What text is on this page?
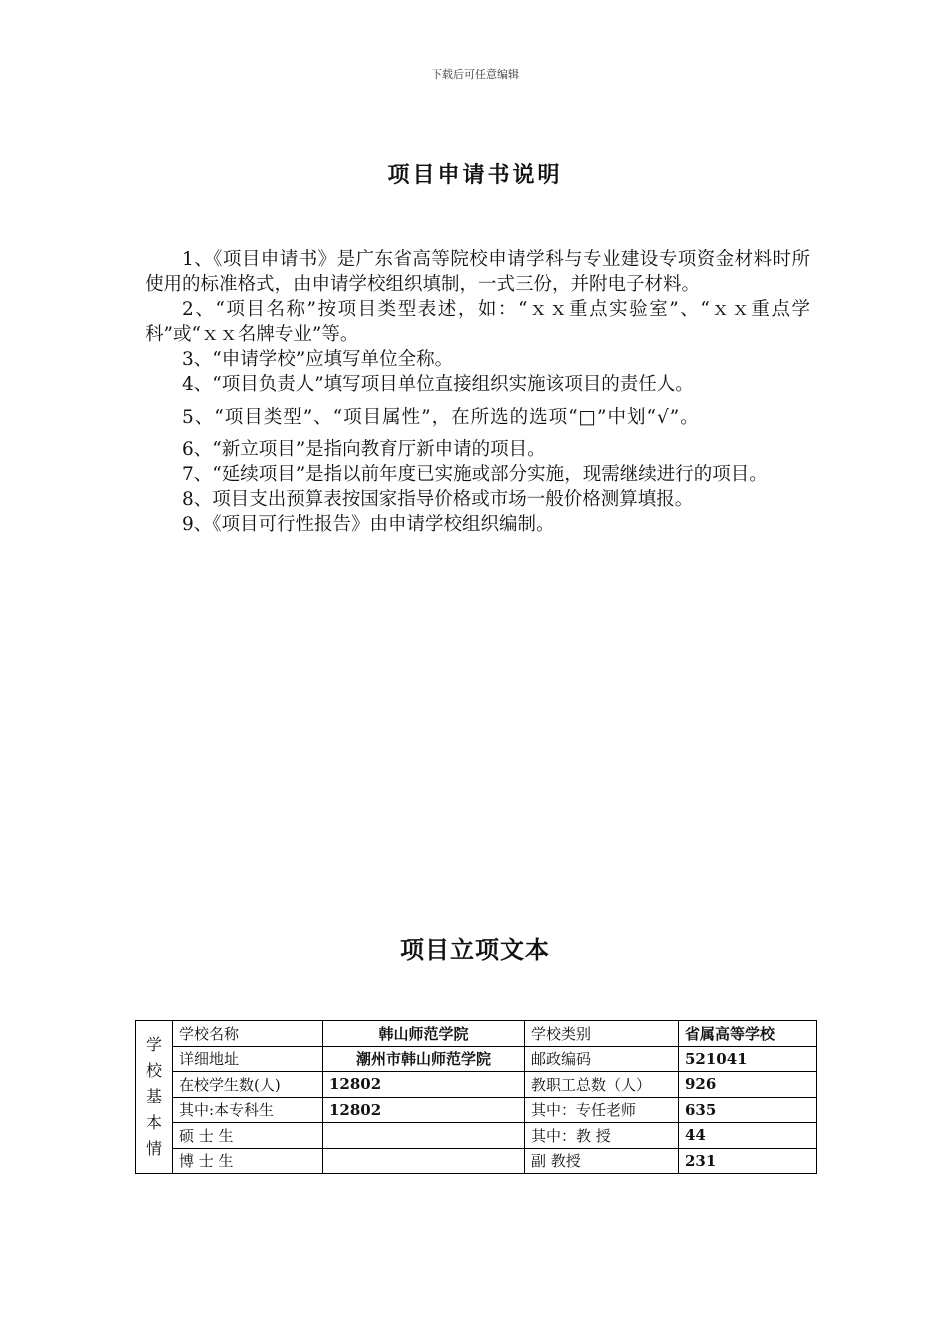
下载后可任意编辑
项目申请书说明

1、《项目申请书》是广东省高等院校申请学科与专业建设专项资金材料时所使用的标准格式，由申请学校组织填制，一式三份，并附电子材料。

2、“项目名称”按项目类型表述，如：“ｘｘ重点实验室”、“ｘｘ重点学科”或“ｘｘ名牌专业”等。

3、“申请学校”应填写单位全称。

4、“项目负责人”填写项目单位直接组织实施该项目的责任人。

5、“项目类型”、“项目属性”，在所选的选项“□”中划“√”。

6、“新立项目”是指向教育厅新申请的项目。

7、“延续项目”是指以前年度已实施或部分实施，现需继续进行的项目。

8、项目支出预算表按国家指导价格或市场一般价格测算填报。

9、《项目可行性报告》由申请学校组织编制。

项目立项文本
学
校
基
本
情	学校名称	韩山师范学院	学校类别	省属高等学校
	详细地址	潮州市韩山师范学院	邮政编码	521041
	在校学生数(人)	12802	教职工总数（人）	926
	其中:本专科生	12802	其中：专任老师	635
	硕 士 生		其中：教 授	44
	博 士 生		副 教授	231
